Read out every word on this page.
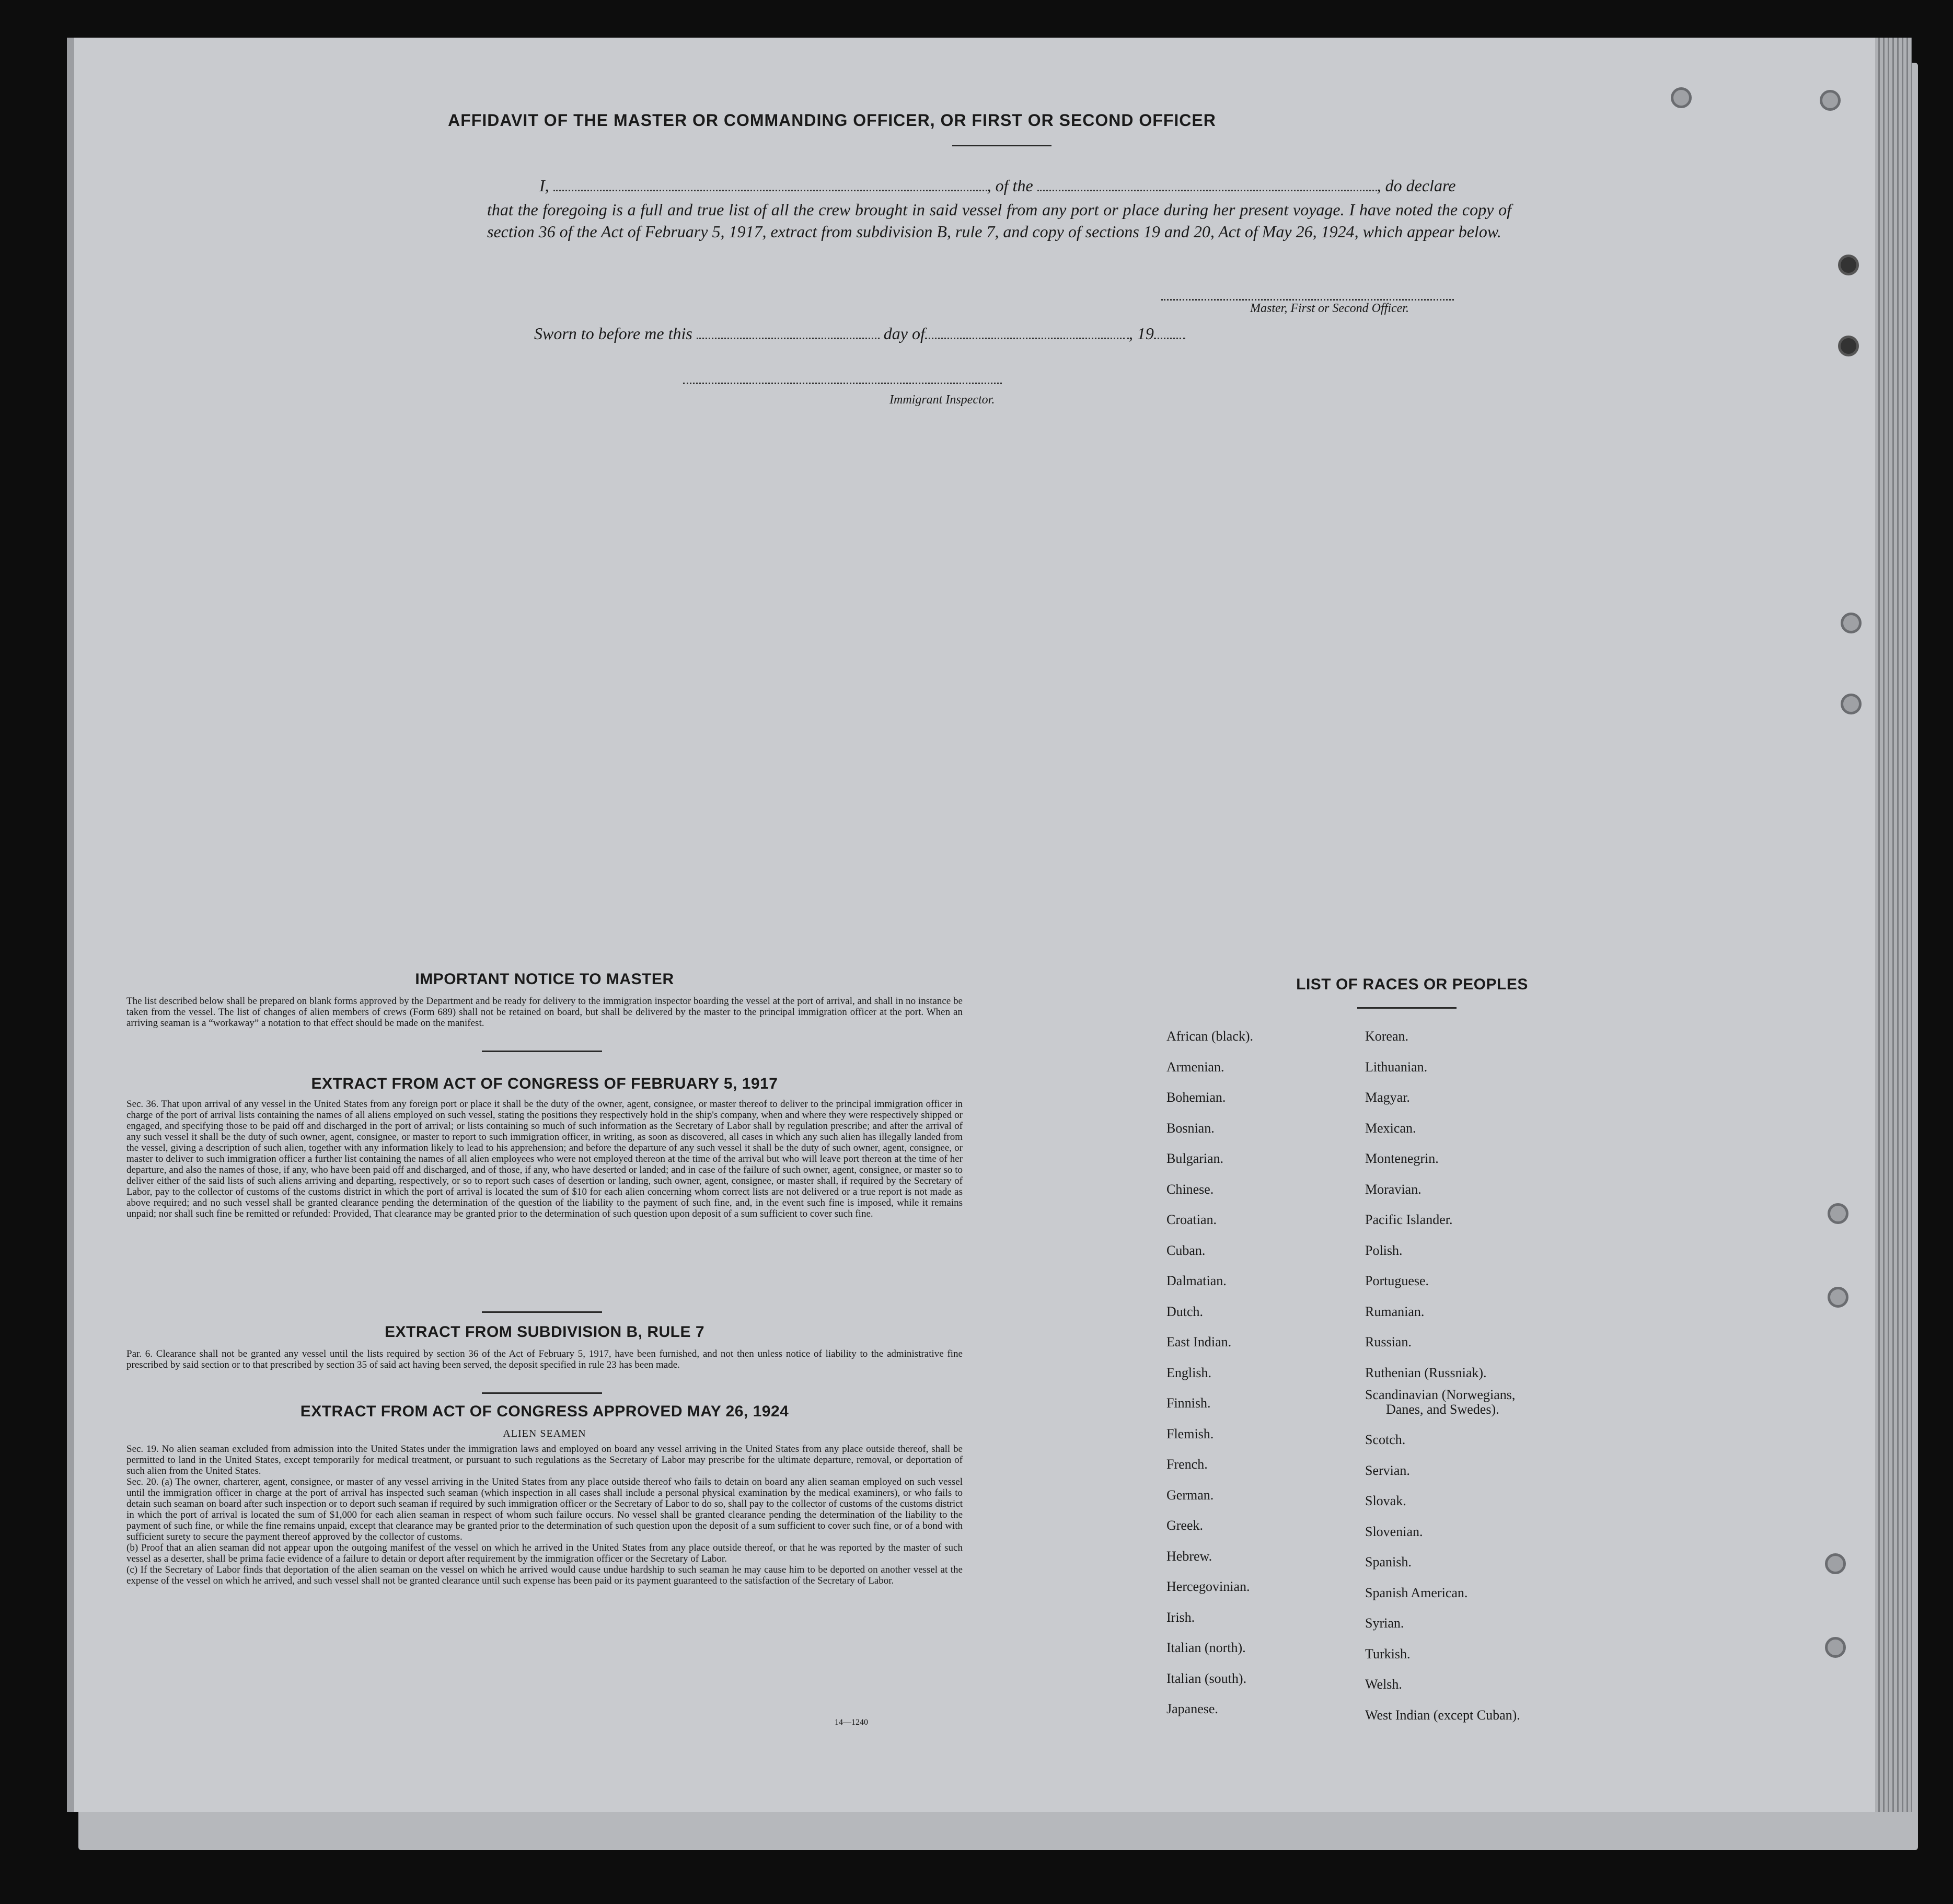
AFFIDAVIT OF THE MASTER OR COMMANDING OFFICER, OR FIRST OR SECOND OFFICER
I,	, of the	, do declare
that the foregoing is a full and true list of all the crew brought in said vessel from any port or place during her present voyage. I have noted the copy of section 36 of the Act of February 5, 1917, extract from subdivision B, rule 7, and copy of sections 19 and 20, Act of May 26, 1924, which appear below.
Master, First or Second Officer.
Sworn to before me this	day of	, 19
Immigrant Inspector.
IMPORTANT NOTICE TO MASTER
The list described below shall be prepared on blank forms approved by the Department and be ready for delivery to the immigration inspector boarding the vessel at the port of arrival, and shall in no instance be taken from the vessel. The list of changes of alien members of crews (Form 689) shall not be retained on board, but shall be delivered by the master to the principal immigration officer at the port. When an arriving seaman is a “workaway” a notation to that effect should be made on the manifest.
EXTRACT FROM ACT OF CONGRESS OF FEBRUARY 5, 1917
Sec. 36. That upon arrival of any vessel in the United States from any foreign port or place it shall be the duty of the owner, agent, consignee, or master thereof to deliver to the principal immigration officer in charge of the port of arrival lists containing the names of all aliens employed on such vessel, stating the positions they respectively hold in the ship's company, when and where they were respectively shipped or engaged, and specifying those to be paid off and discharged in the port of arrival; or lists containing so much of such information as the Secretary of Labor shall by regulation prescribe; and after the arrival of any such vessel it shall be the duty of such owner, agent, consignee, or master to report to such immigration officer, in writing, as soon as discovered, all cases in which any such alien has illegally landed from the vessel, giving a description of such alien, together with any information likely to lead to his apprehension; and before the departure of any such vessel it shall be the duty of such owner, agent, consignee, or master to deliver to such immigration officer a further list containing the names of all alien employees who were not employed thereon at the time of the arrival but who will leave port thereon at the time of her departure, and also the names of those, if any, who have been paid off and discharged, and of those, if any, who have deserted or landed; and in case of the failure of such owner, agent, consignee, or master so to deliver either of the said lists of such aliens arriving and departing, respectively, or so to report such cases of desertion or landing, such owner, agent, consignee, or master shall, if required by the Secretary of Labor, pay to the collector of customs of the customs district in which the port of arrival is located the sum of $10 for each alien concerning whom correct lists are not delivered or a true report is not made as above required; and no such vessel shall be granted clearance pending the determination of the question of the liability to the payment of such fine, and, in the event such fine is imposed, while it remains unpaid; nor shall such fine be remitted or refunded: Provided, That clearance may be granted prior to the determination of such question upon deposit of a sum sufficient to cover such fine.
EXTRACT FROM SUBDIVISION B, RULE 7
Par. 6. Clearance shall not be granted any vessel until the lists required by section 36 of the Act of February 5, 1917, have been furnished, and not then unless notice of liability to the administrative fine prescribed by said section or to that prescribed by section 35 of said act having been served, the deposit specified in rule 23 has been made.
EXTRACT FROM ACT OF CONGRESS APPROVED MAY 26, 1924
ALIEN SEAMEN
Sec. 19. No alien seaman excluded from admission into the United States under the immigration laws and employed on board any vessel arriving in the United States from any place outside thereof, shall be permitted to land in the United States, except temporarily for medical treatment, or pursuant to such regulations as the Secretary of Labor may prescribe for the ultimate departure, removal, or deportation of such alien from the United States.
Sec. 20. (a) The owner, charterer, agent, consignee, or master of any vessel arriving in the United States from any place outside thereof who fails to detain on board any alien seaman employed on such vessel until the immigration officer in charge at the port of arrival has inspected such seaman (which inspection in all cases shall include a personal physical examination by the medical examiners), or who fails to detain such seaman on board after such inspection or to deport such seaman if required by such immigration officer or the Secretary of Labor to do so, shall pay to the collector of customs of the customs district in which the port of arrival is located the sum of $1,000 for each alien seaman in respect of whom such failure occurs. No vessel shall be granted clearance pending the determination of the liability to the payment of such fine, or while the fine remains unpaid, except that clearance may be granted prior to the determination of such question upon the deposit of a sum sufficient to cover such fine, or of a bond with sufficient surety to secure the payment thereof approved by the collector of customs.
(b) Proof that an alien seaman did not appear upon the outgoing manifest of the vessel on which he arrived in the United States from any place outside thereof, or that he was reported by the master of such vessel as a deserter, shall be prima facie evidence of a failure to detain or deport after requirement by the immigration officer or the Secretary of Labor.
(c) If the Secretary of Labor finds that deportation of the alien seaman on the vessel on which he arrived would cause undue hardship to such seaman he may cause him to be deported on another vessel at the expense of the vessel on which he arrived, and such vessel shall not be granted clearance until such expense has been paid or its payment guaranteed to the satisfaction of the Secretary of Labor.
14—1240
LIST OF RACES OR PEOPLES
African (black).
Armenian.
Bohemian.
Bosnian.
Bulgarian.
Chinese.
Croatian.
Cuban.
Dalmatian.
Dutch.
East Indian.
English.
Finnish.
Flemish.
French.
German.
Greek.
Hebrew.
Hercegovinian.
Irish.
Italian (north).
Italian (south).
Japanese.
Korean.
Lithuanian.
Magyar.
Mexican.
Montenegrin.
Moravian.
Pacific Islander.
Polish.
Portuguese.
Rumanian.
Russian.
Ruthenian (Russniak).
Scandinavian (Norwegians,
Danes, and Swedes).
Scotch.
Servian.
Slovak.
Slovenian.
Spanish.
Spanish American.
Syrian.
Turkish.
Welsh.
West Indian (except Cuban).
